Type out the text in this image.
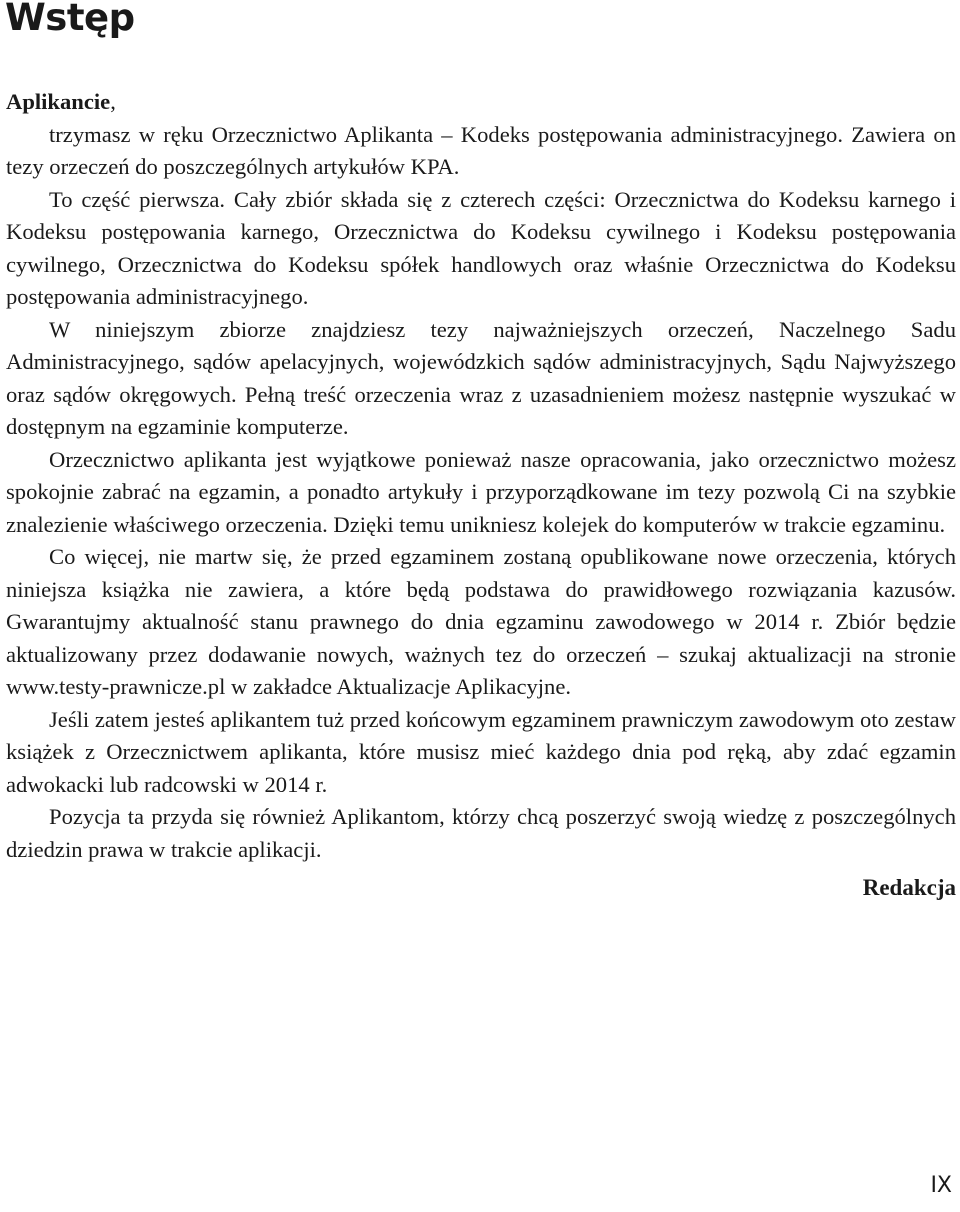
Wstęp

Aplikancie,

trzymasz w ręku Orzecznictwo Aplikanta – Kodeks postępowania administracyjnego. Zawiera on tezy orzeczeń do poszczególnych artykułów KPA.

To część pierwsza. Cały zbiór składa się z czterech części: Orzecznictwa do Kodeksu karnego i Kodeksu postępowania karnego, Orzecznictwa do Kodeksu cywilnego i Kodeksu postępowania cywilnego, Orzecznictwa do Kodeksu spółek handlowych oraz właśnie Orzecznictwa do Kodeksu postępowania administracyjnego.

W niniejszym zbiorze znajdziesz tezy najważniejszych orzeczeń, Naczelnego Sadu Administracyjnego, sądów apelacyjnych, wojewódzkich sądów administracyjnych, Sądu Najwyższego oraz sądów okręgowych. Pełną treść orzeczenia wraz z uzasadnieniem możesz następnie wyszukać w dostępnym na egzaminie komputerze.

Orzecznictwo aplikanta jest wyjątkowe ponieważ nasze opracowania, jako orzecznictwo możesz spokojnie zabrać na egzamin, a ponadto artykuły i przyporządkowane im tezy pozwolą Ci na szybkie znalezienie właściwego orzeczenia. Dzięki temu unikniesz kolejek do komputerów w trakcie egzaminu.

Co więcej, nie martw się, że przed egzaminem zostaną opublikowane nowe orzeczenia, których niniejsza książka nie zawiera, a które będą podstawa do prawidłowego rozwiązania kazusów. Gwarantujmy aktualność stanu prawnego do dnia egzaminu zawodowego w 2014 r. Zbiór będzie aktualizowany przez dodawanie nowych, ważnych tez do orzeczeń – szukaj aktualizacji na stronie www.testy-prawnicze.pl w zakładce Aktualizacje Aplikacyjne.

Jeśli zatem jesteś aplikantem tuż przed końcowym egzaminem prawniczym zawodowym oto zestaw książek z Orzecznictwem aplikanta, które musisz mieć każdego dnia pod ręką, aby zdać egzamin adwokacki lub radcowski w 2014 r.

Pozycja ta przyda się również Aplikantom, którzy chcą poszerzyć swoją wiedzę z poszczególnych dziedzin prawa w trakcie aplikacji.

Redakcja

IX
